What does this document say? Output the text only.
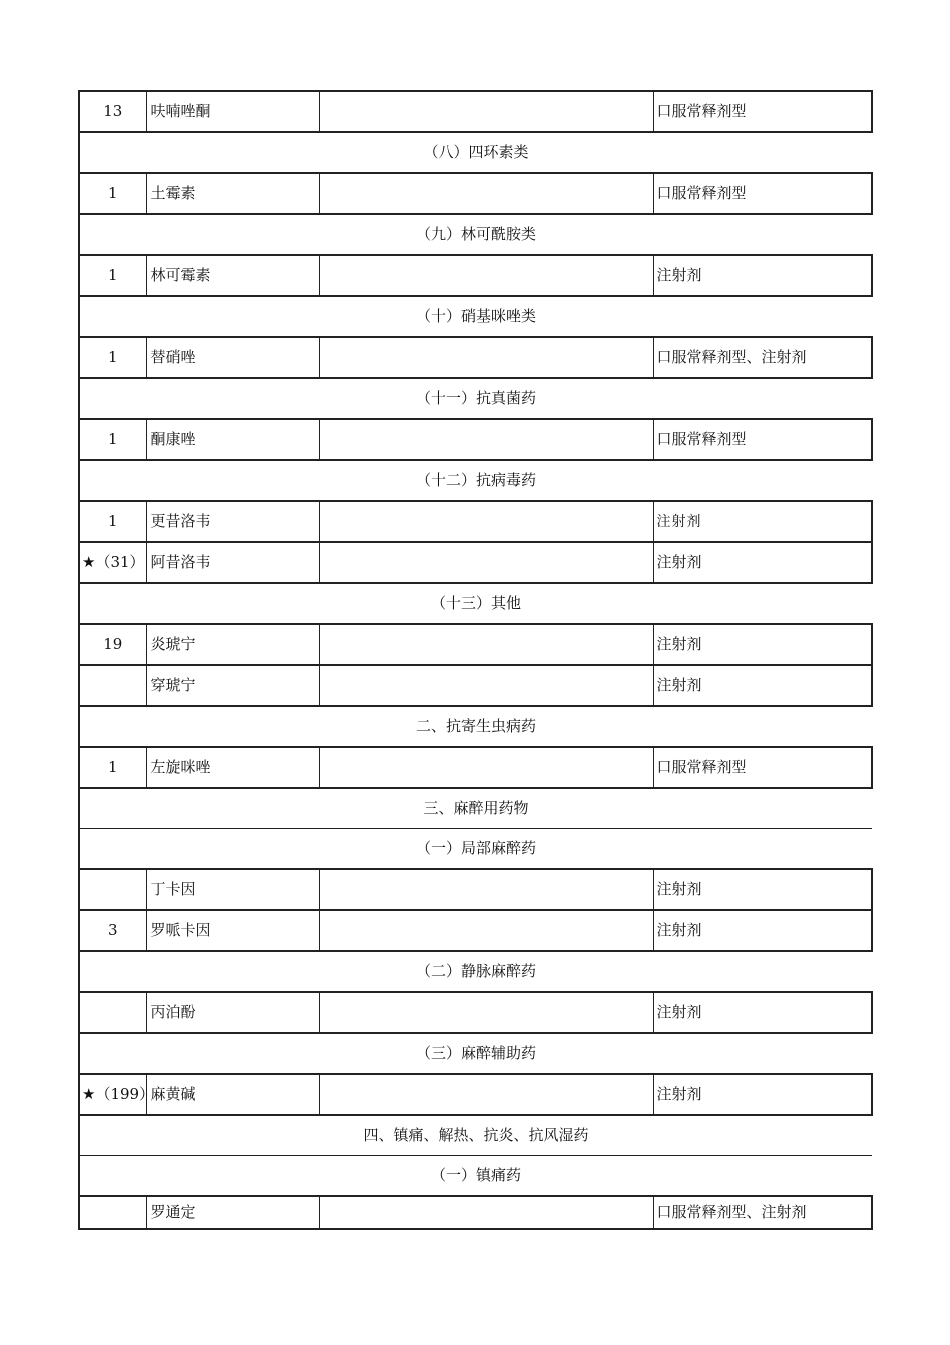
13	呋喃唑酮		口服常释剂型
（八）四环素类			
1	土霉素		口服常释剂型
（九）林可酰胺类			
1	林可霉素		注射剂
（十）硝基咪唑类			
1	替硝唑		口服常释剂型、注射剂
（十一）抗真菌药			
1	酮康唑		口服常释剂型
（十二）抗病毒药			
1	更昔洛韦		注射剂
★（31）	阿昔洛韦		注射剂
（十三）其他			
19	炎琥宁		注射剂
	穿琥宁		注射剂
二、抗寄生虫病药			
1	左旋咪唑		口服常释剂型
三、麻醉用药物			
（一）局部麻醉药			
	丁卡因		注射剂
3	罗哌卡因		注射剂
（二）静脉麻醉药			
	丙泊酚		注射剂
（三）麻醉辅助药			
★（199）	麻黄碱		注射剂
四、镇痛、解热、抗炎、抗风湿药			
（一）镇痛药			
	罗通定		口服常释剂型、注射剂
